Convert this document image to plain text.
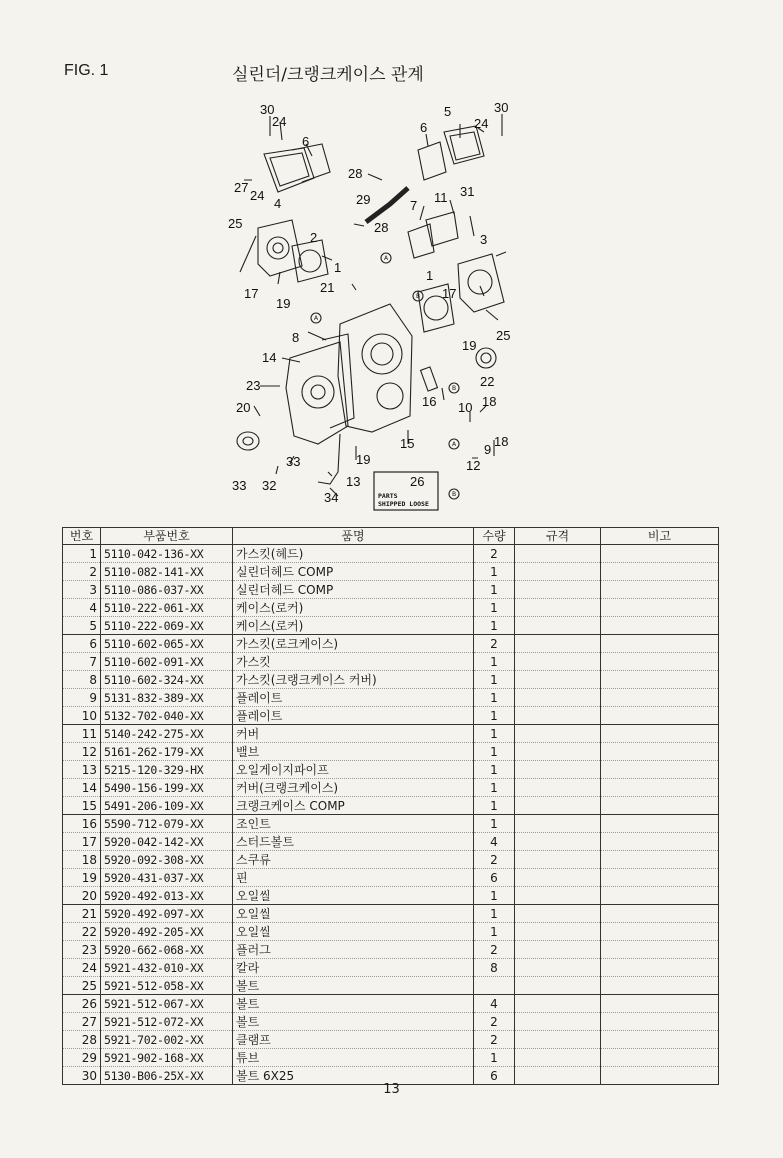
FIG. 1	실린더/크랭크케이스 관계
30
24
6
27
24
4
25
2
1
17
19
5	30
6	24
28
29	7
28
11 31
3
1
17
25
21
8
14
23
20
19
22
16 10 18
15
12
9
18
33
33 32
19
13	26
34	PARTS
SHIPPED LOOSE
A
A
B
B
A
B
번호	부품번호	품명	수량	규격	비고
1	5110-042-136-XX	가스킷(헤드)	2		
2	5110-082-141-XX	실린더헤드 COMP	1		
3	5110-086-037-XX	실린더헤드 COMP	1		
4	5110-222-061-XX	케이스(로커)	1		
5	5110-222-069-XX	케이스(로커)	1		
6	5110-602-065-XX	가스킷(로크케이스)	2		
7	5110-602-091-XX	가스킷	1		
8	5110-602-324-XX	가스킷(크랭크케이스 커버)	1		
9	5131-832-389-XX	플레이트	1		
10	5132-702-040-XX	플레이트	1		
11	5140-242-275-XX	커버	1		
12	5161-262-179-XX	밸브	1		
13	5215-120-329-HX	오일게이지파이프	1		
14	5490-156-199-XX	커버(크랭크케이스)	1		
15	5491-206-109-XX	크랭크케이스 COMP	1		
16	5590-712-079-XX	조인트	1		
17	5920-042-142-XX	스터드볼트	4		
18	5920-092-308-XX	스쿠류	2		
19	5920-431-037-XX	핀	6		
20	5920-492-013-XX	오일씰	1		
21	5920-492-097-XX	오일씰	1		
22	5920-492-205-XX	오일씰	1		
23	5920-662-068-XX	플러그	2		
24	5921-432-010-XX	칼라	8		
25	5921-512-058-XX	볼트			
26	5921-512-067-XX	볼트	4		
27	5921-512-072-XX	볼트	2		
28	5921-702-002-XX	클램프	2		
29	5921-902-168-XX	튜브	1		
30	5130-B06-25X-XX	볼트 6X25	6		
13
